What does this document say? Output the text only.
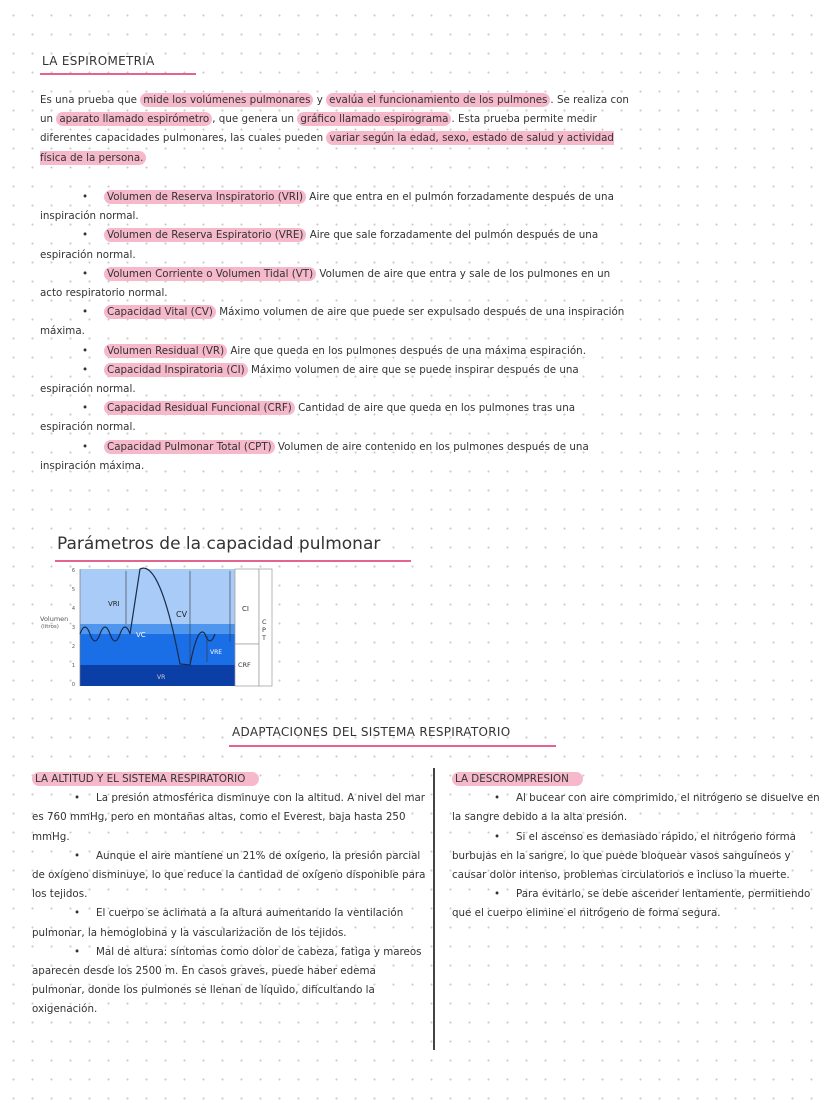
LA ESPIROMETRIA
Es una prueba que mide los volúmenes pulmonares y evalúa el funcionamiento de los pulmones . Se realiza con un aparato llamado espirómetro , que genera un gráfico llamado espirograma . Esta prueba permite medir diferentes capacidades pulmonares, las cuales pueden variar según la edad, sexo, estado de salud y actividad física de la persona.
• Volumen de Reserva Inspiratorio (VRI) Aire que entra en el pulmón forzadamente después de una inspiración normal.
• Volumen de Reserva Espiratorio (VRE) Aire que sale forzadamente del pulmón después de una espiración normal.
• Volumen Corriente o Volumen Tidal (VT) Volumen de aire que entra y sale de los pulmones en un acto respiratorio normal.
• Capacidad Vital (CV) Máximo volumen de aire que puede ser expulsado después de una inspiración máxima.
• Volumen Residual (VR) Aire que queda en los pulmones después de una máxima espiración.
• Capacidad Inspiratoria (CI) Máximo volumen de aire que se puede inspirar después de una espiración normal.
• Capacidad Residual Funcional (CRF) Cantidad de aire que queda en los pulmones tras una espiración normal.
• Capacidad Pulmonar Total (CPT) Volumen de aire contenido en los pulmones después de una inspiración máxima.
Parámetros de la capacidad pulmonar
6
5
4
3
2
1
0
Volumen
(litros)
VRI
CV
VC
VRE
VR
CI
CRF
C
P
T
ADAPTACIONES DEL SISTEMA RESPIRATORIO
LA ALTITUD Y EL SISTEMA RESPIRATORIO
• La presión atmosférica disminuye con la altitud. A nivel del mar es 760 mmHg, pero en montañas altas, como el Everest, baja hasta 250 mmHg.
• Aunque el aire mantiene un 21% de oxígeno, la presión parcial de oxígeno disminuye, lo que reduce la cantidad de oxígeno disponible para los tejidos.
• El cuerpo se aclimata a la altura aumentando la ventilación pulmonar, la hemoglobina y la vascularización de los tejidos.
• Mal de altura: síntomas como dolor de cabeza, fatiga y mareos aparecen desde los 2500 m. En casos graves, puede haber edema pulmonar, donde los pulmones se llenan de líquido, dificultando la oxigenación.
LA DESCROMPRESION
• Al bucear con aire comprimido, el nitrógeno se disuelve en la sangre debido a la alta presión.
• Si el ascenso es demasiado rápido, el nitrógeno forma burbujas en la sangre, lo que puede bloquear vasos sanguíneos y causar dolor intenso, problemas circulatorios e incluso la muerte.
• Para evitarlo, se debe ascender lentamente, permitiendo que el cuerpo elimine el nitrógeno de forma segura.
